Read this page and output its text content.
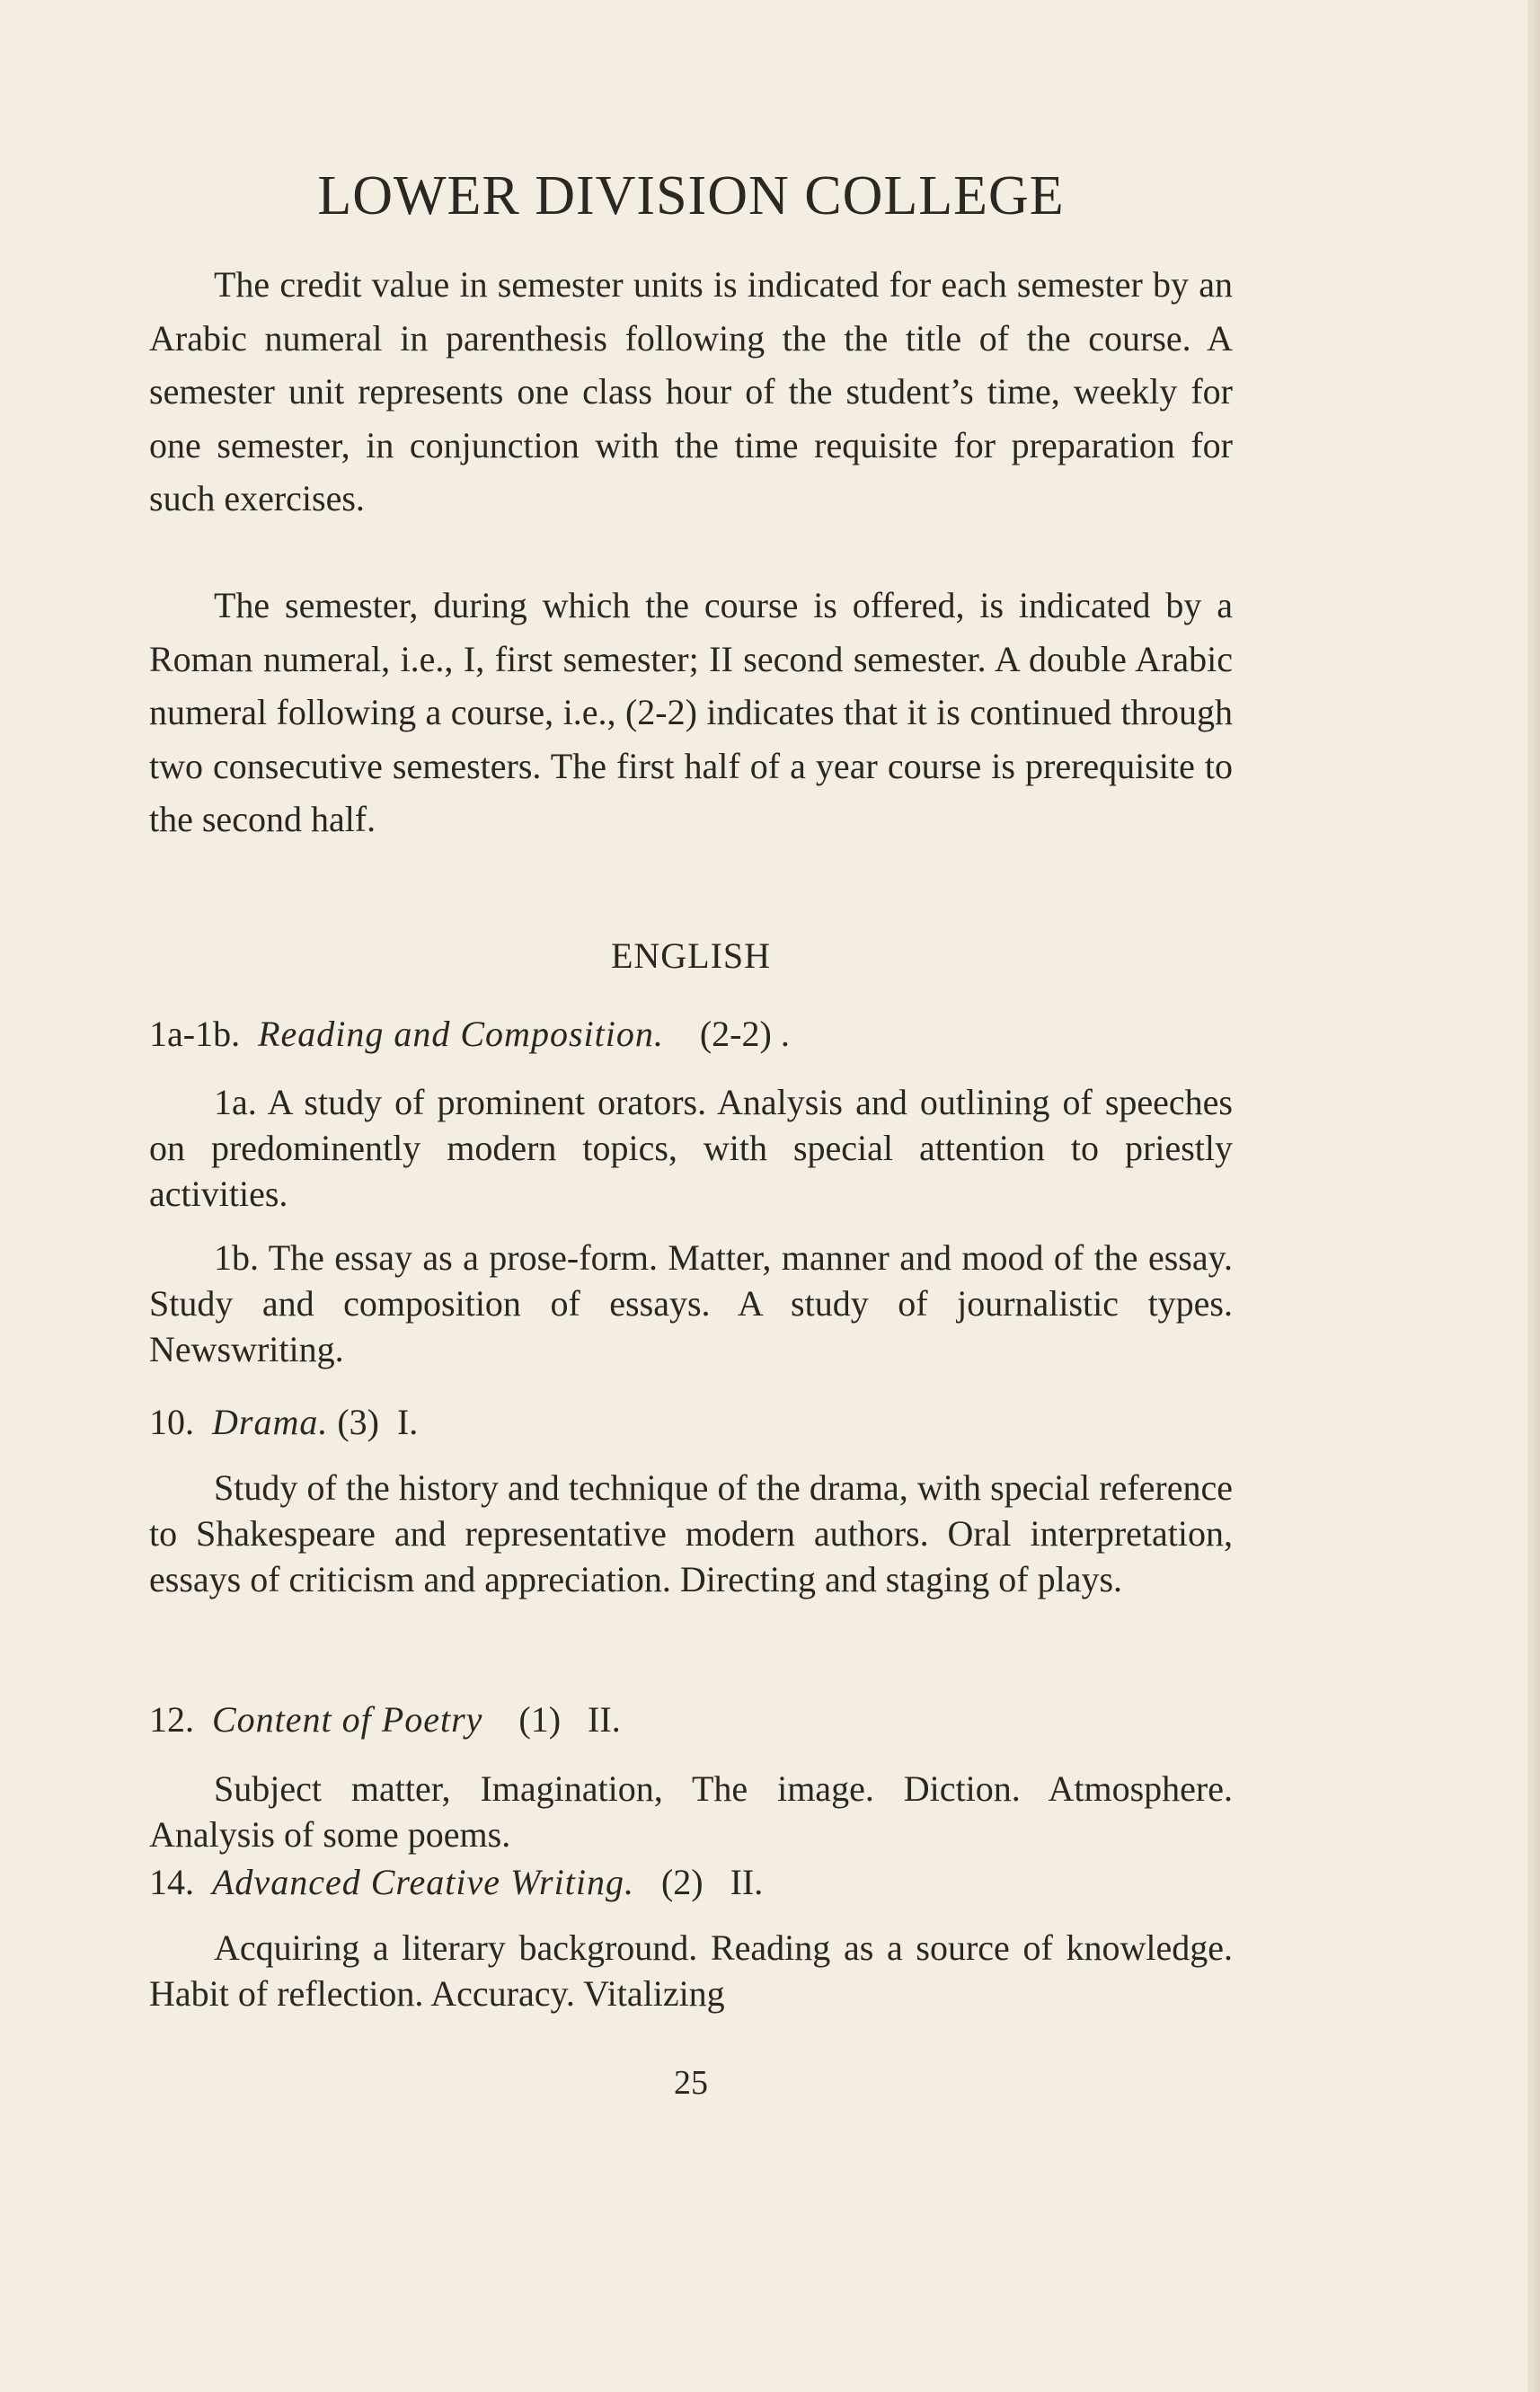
LOWER DIVISION COLLEGE

The credit value in semester units is indicated for each semester by an Arabic numeral in parenthesis following the the title of the course. A semester unit represents one class hour of the student’s time, weekly for one semester, in conjunction with the time requisite for preparation for such exercises.

The semester, during which the course is offered, is indicated by a Roman numeral, i.e., I, first semester; II second semester. A double Arabic numeral following a course, i.e., (2-2) indicates that it is continued through two consecutive semesters. The first half of a year course is prerequisite to the second half.

ENGLISH
1a-1b. Reading and Composition. (2-2) .

1a. A study of prominent orators. Analysis and outlining of speeches on predominently modern topics, with special attention to priestly activities.

1b. The essay as a prose-form. Matter, manner and mood of the essay. Study and composition of essays. A study of journalistic types. Newswriting.

10. Drama. (3) I.

Study of the history and technique of the drama, with special reference to Shakespeare and representative modern authors. Oral interpretation, essays of criticism and appreciation. Directing and staging of plays.

12. Content of Poetry (1) II.

Subject matter, Imagination, The image. Diction. Atmosphere. Analysis of some poems.

14. Advanced Creative Writing. (2) II.

Acquiring a literary background. Reading as a source of knowledge. Habit of reflection. Accuracy. Vitalizing

25
